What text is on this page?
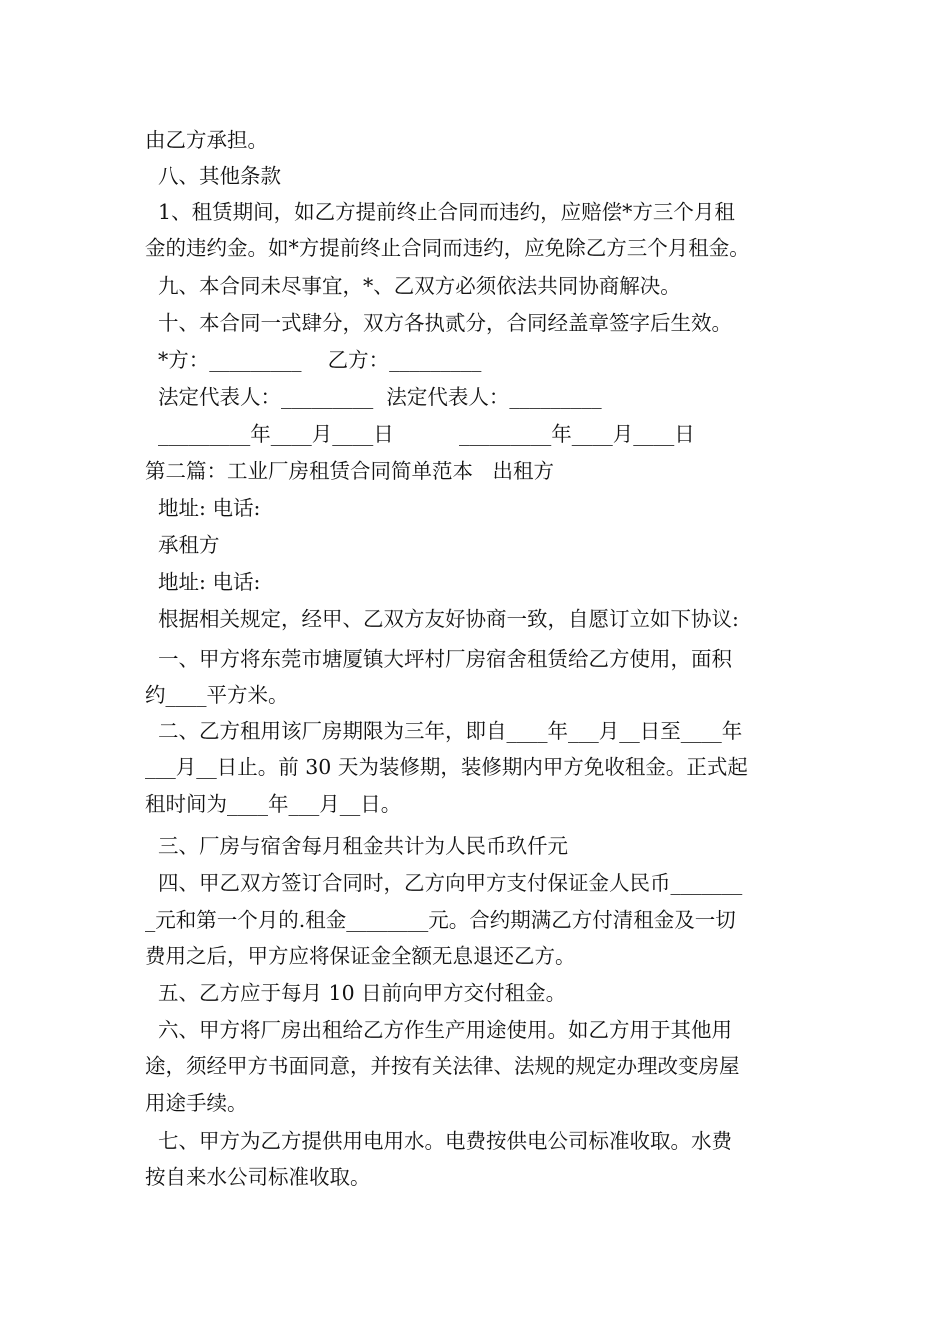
由乙方承担。
八、其他条款
1、租赁期间，如乙方提前终止合同而违约，应赔偿*方三个月租
金的违约金。如*方提前终止合同而违约，应免除乙方三个月租金。
九、本合同未尽事宜，*、乙双方必须依法共同协商解决。
十、本合同一式肆分，双方各执贰分，合同经盖章签字后生效。
*方：_________    乙方：_________
法定代表人：_________  法定代表人：_________
_________年____月____日          _________年____月____日
第二篇：工业厂房租赁合同简单范本   出租方
地址: 电话:
承租方
地址: 电话:
根据相关规定，经甲、乙双方友好协商一致，自愿订立如下协议:
一、甲方将东莞市塘厦镇大坪村厂房宿舍租赁给乙方使用，面积
约____平方米。
二、乙方租用该厂房期限为三年，即自____年___月__日至____年
___月__日止。前 30 天为装修期，装修期内甲方免收租金。正式起
租时间为____年___月__日。
三、厂房与宿舍每月租金共计为人民币玖仟元
四、甲乙双方签订合同时，乙方向甲方支付保证金人民币_______
_元和第一个月的.租金________元。合约期满乙方付清租金及一切
费用之后，甲方应将保证金全额无息退还乙方。
五、乙方应于每月 10 日前向甲方交付租金。
六、甲方将厂房出租给乙方作生产用途使用。如乙方用于其他用
途，须经甲方书面同意，并按有关法律、法规的规定办理改变房屋
用途手续。
七、甲方为乙方提供用电用水。电费按供电公司标准收取。水费
按自来水公司标准收取。
